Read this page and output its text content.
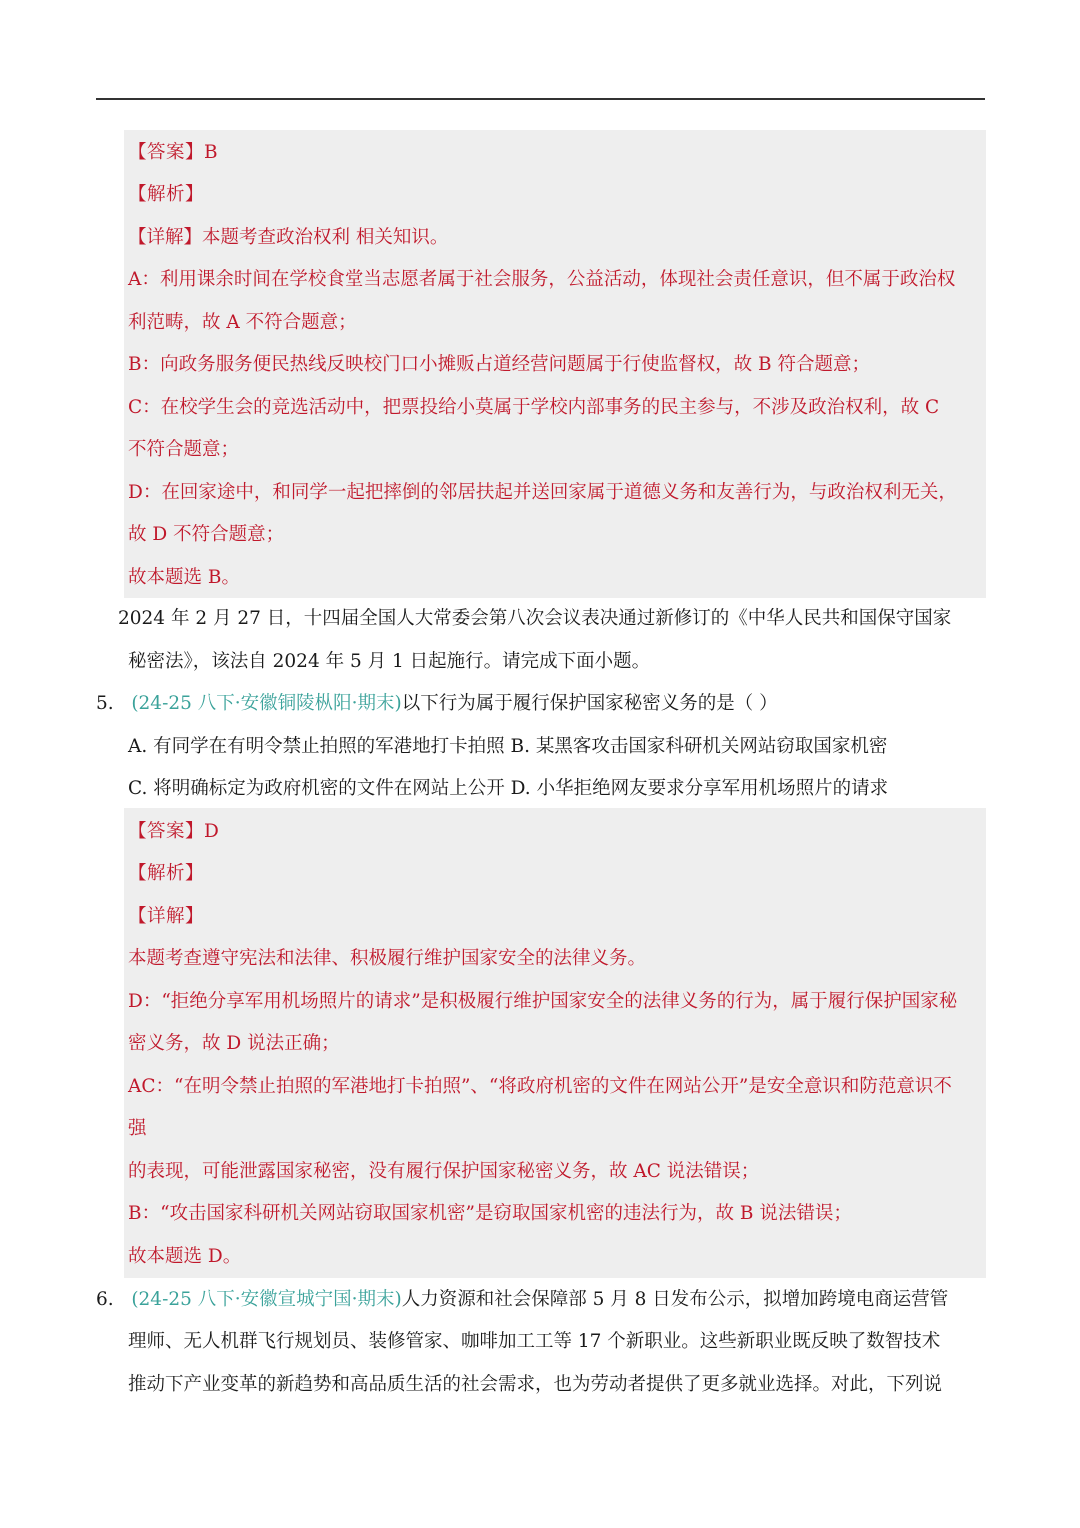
【答案】B
【解析】
【详解】本题考查政治权利 相关知识。
A：利用课余时间在学校食堂当志愿者属于社会服务，公益活动，体现社会责任意识，但不属于政治权
利范畴，故 A 不符合题意；
B：向政务服务便民热线反映校门口小摊贩占道经营问题属于行使监督权，故 B 符合题意；
C：在校学生会的竞选活动中，把票投给小莫属于学校内部事务的民主参与，不涉及政治权利，故 C
不符合题意；
D：在回家途中，和同学一起把摔倒的邻居扶起并送回家属于道德义务和友善行为，与政治权利无关，
故 D 不符合题意；
故本题选 B。
2024 年 2 月 27 日，十四届全国人大常委会第八次会议表决通过新修订的《中华人民共和国保守国家
秘密法》，该法自 2024 年 5 月 1 日起施行。请完成下面小题。
5. (24-25 八下·安徽铜陵枞阳·期末)以下行为属于履行保护国家秘密义务的是（ ）
A. 有同学在有明令禁止拍照的军港地打卡拍照 B. 某黑客攻击国家科研机关网站窃取国家机密
C. 将明确标定为政府机密的文件在网站上公开 D. 小华拒绝网友要求分享军用机场照片的请求
【答案】D
【解析】
【详解】
本题考查遵守宪法和法律、积极履行维护国家安全的法律义务。
D：“拒绝分享军用机场照片的请求”是积极履行维护国家安全的法律义务的行为，属于履行保护国家秘
密义务，故 D 说法正确；
AC：“在明令禁止拍照的军港地打卡拍照”、“将政府机密的文件在网站公开”是安全意识和防范意识不
强
的表现，可能泄露国家秘密，没有履行保护国家秘密义务，故 AC 说法错误；
B：“攻击国家科研机关网站窃取国家机密”是窃取国家机密的违法行为，故 B 说法错误；
故本题选 D。
6. (24-25 八下·安徽宣城宁国·期末)人力资源和社会保障部 5 月 8 日发布公示，拟增加跨境电商运营管
理师、无人机群飞行规划员、装修管家、咖啡加工工等 17 个新职业。这些新职业既反映了数智技术
推动下产业变革的新趋势和高品质生活的社会需求，也为劳动者提供了更多就业选择。对此，下列说
